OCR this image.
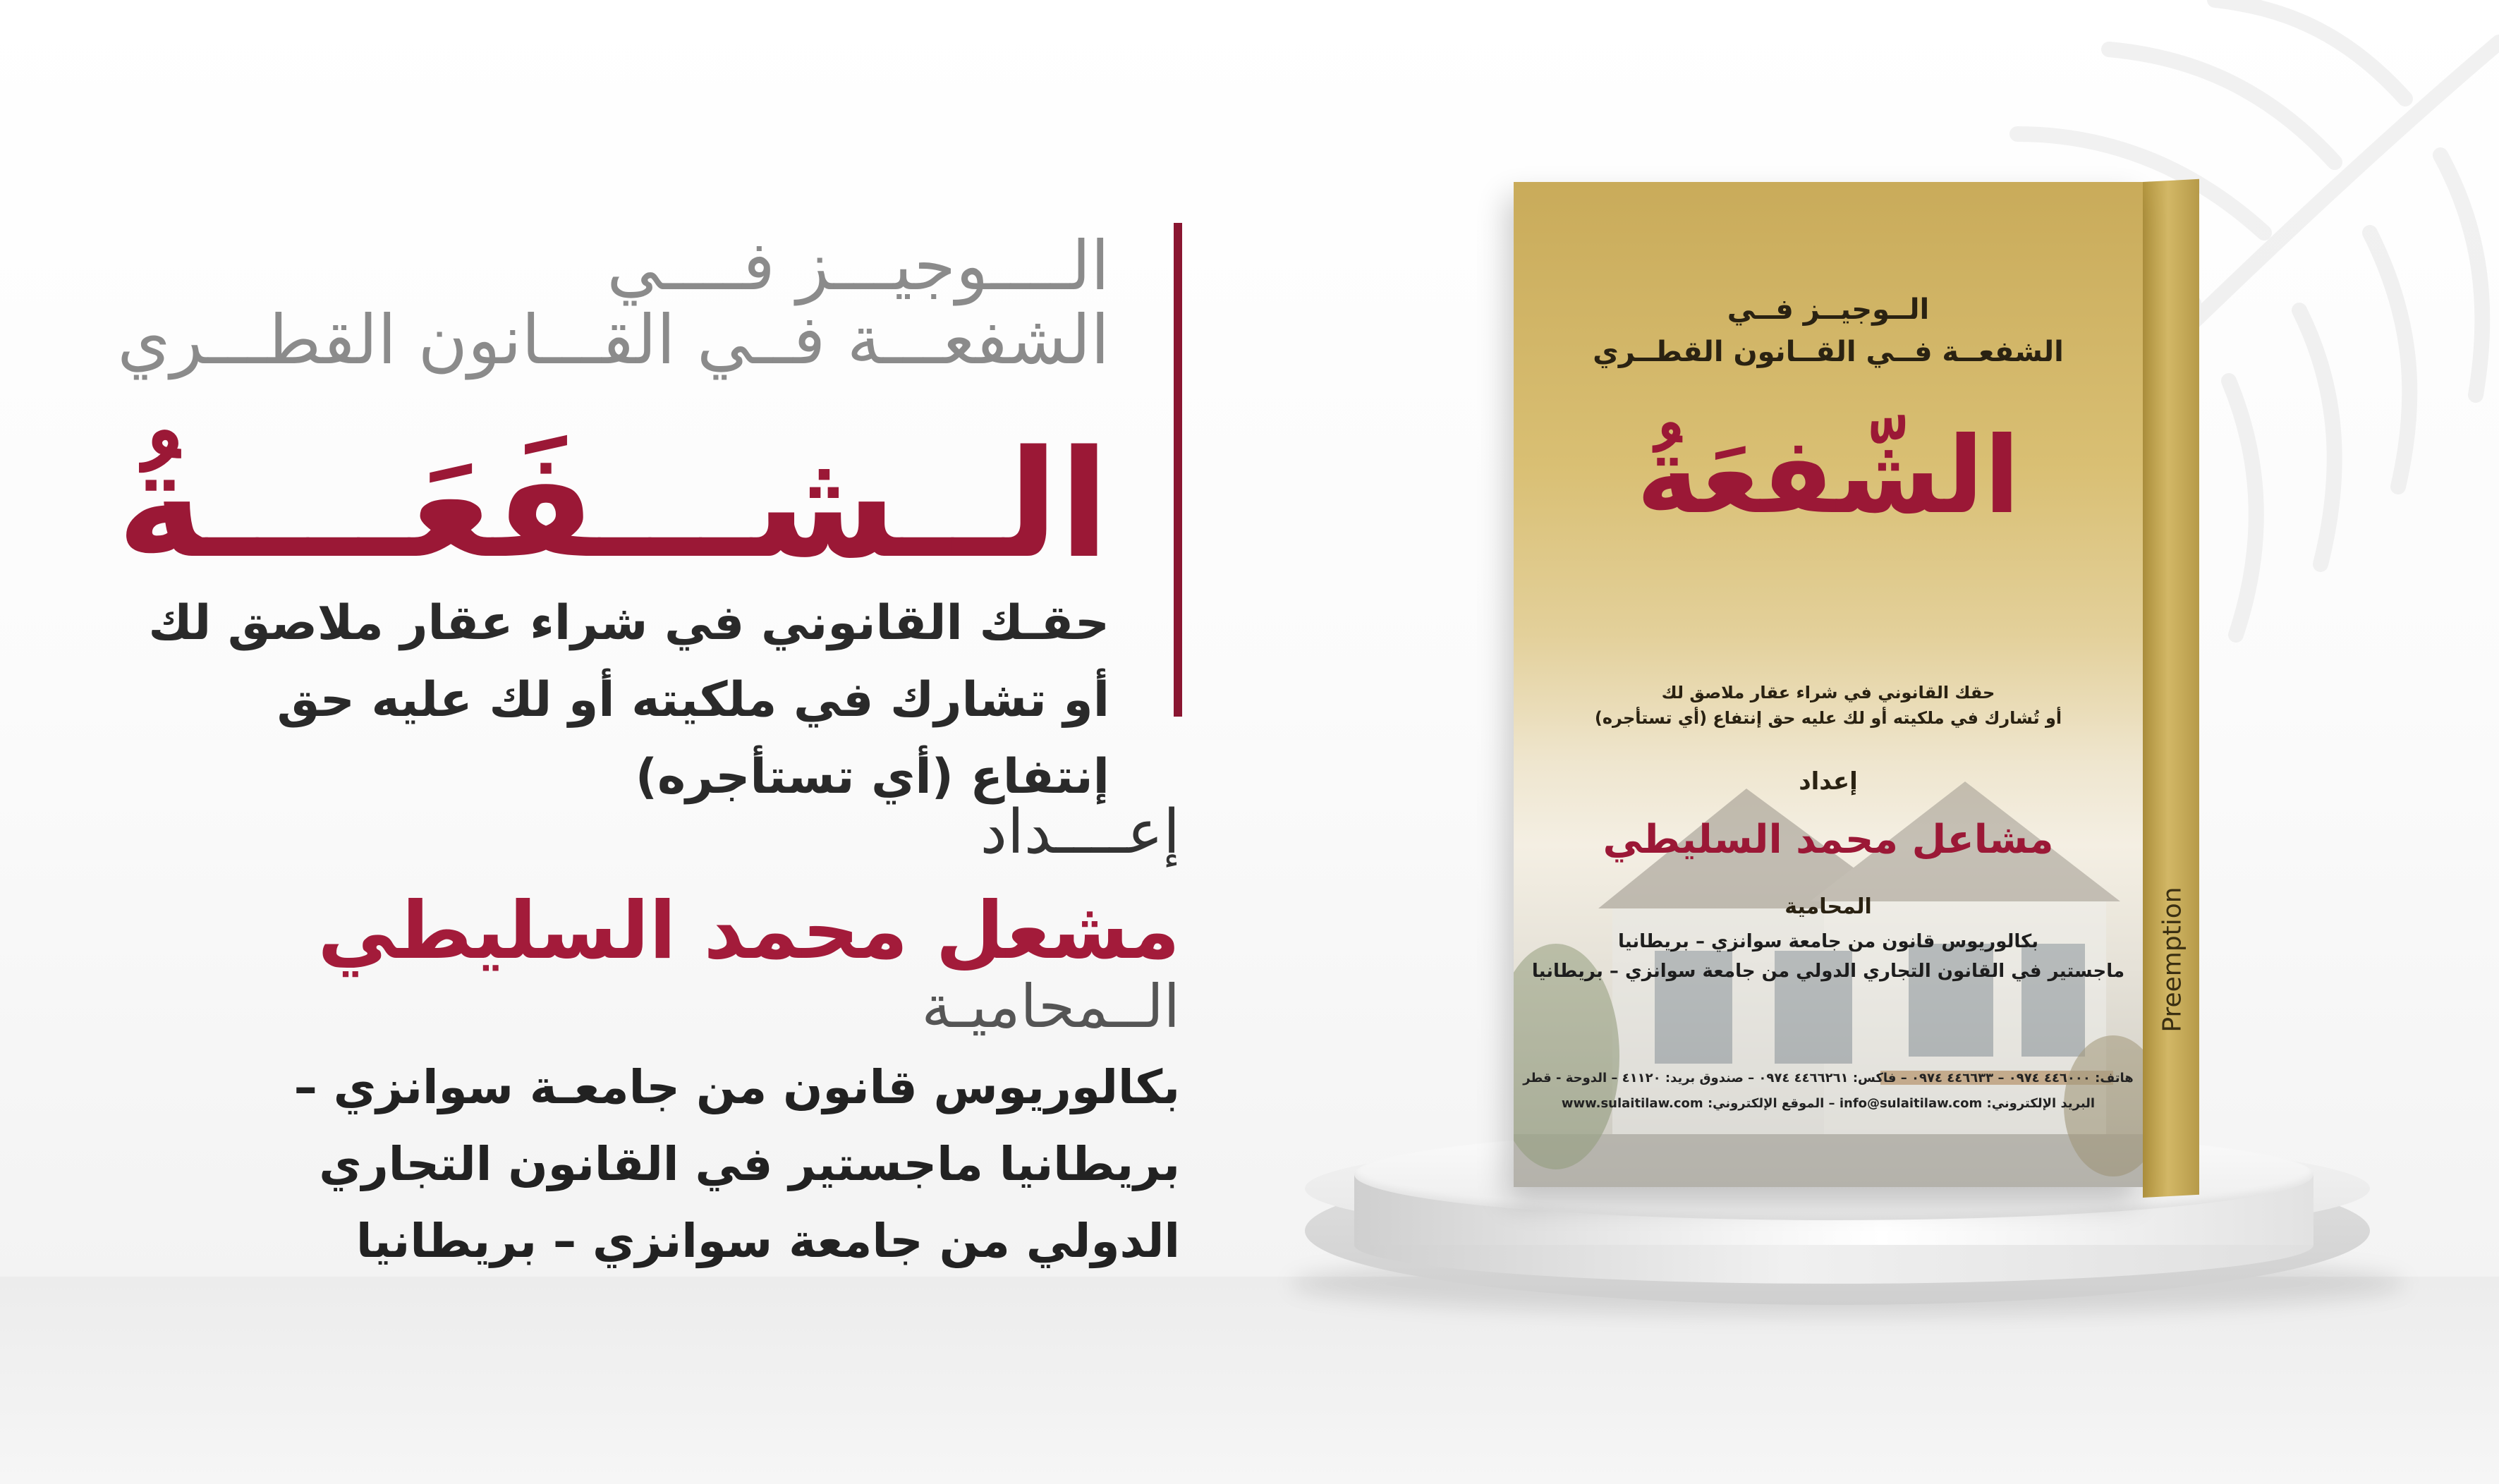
الــــوجيـــز فــــي

الشفعـــة فــي القـــانون القطـــري

الــشـــفَعَــــةُ

حقـك القانوني في شراء عقار ملاصق لك أو تشارك في ملكيته أو لك عليه حق إنتفاع (أي تستأجره)

إعــــداد

مشعل محمد السليطي

الــمحاميـة

بكالوريوس قانون من جامعـة سوانزي – بريطانيا ماجستير في القانون التجاري الدولي من جامعة سوانزي – بريطانيا

Preemption
الــوجيــز فــي
الشفعــة فــي القــانون القطــري
الشّفعَةُ
حقك القانوني في شراء عقار ملاصق لك
أو تُشارك في ملكيته أو لك عليه حق إنتفاع (أي تستأجره)
إعداد
مشاعل محمد السليطي
المحامية
بكالوريوس قانون من جامعة سوانزي – بريطانيا
ماجستير في القانون التجاري الدولي من جامعة سوانزي – بريطانيا
هاتف: ٤٤٦٠٠٠ ٠٩٧٤ – ٤٤٦٦٣٣ ٠٩٧٤ – فاكس: ٤٤٦٦٢٦١ ٠٩٧٤ – صندوق بريد: ٤١١٢٠ – الدوحة - قطر
البريد الإلكتروني: info@sulaitilaw.com – الموقع الإلكتروني: www.sulaitilaw.com
